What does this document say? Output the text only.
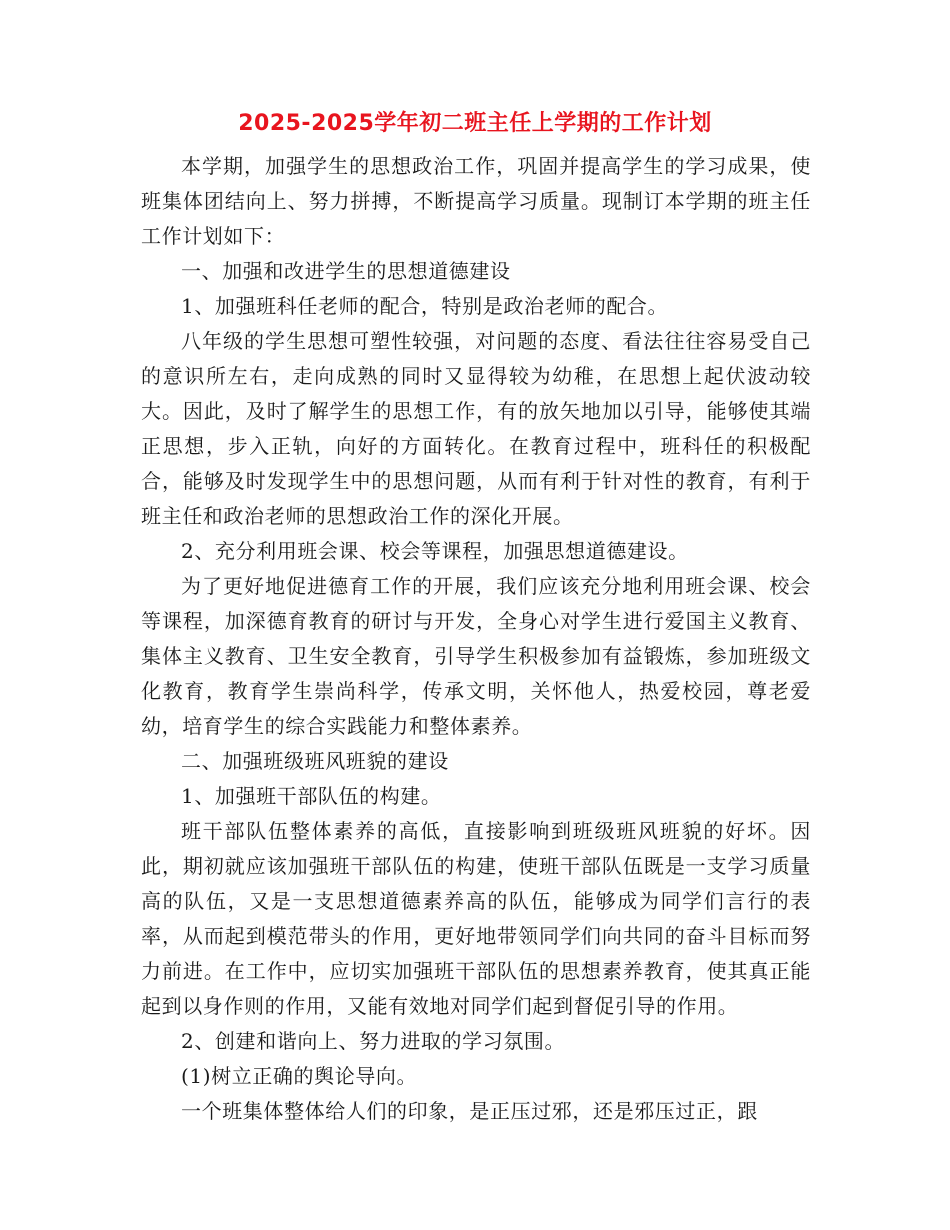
2025-2025学年初二班主任上学期的工作计划

本学期，加强学生的思想政治工作，巩固并提高学生的学习成果，使班集体团结向上、努力拼搏，不断提高学习质量。现制订本学期的班主任工作计划如下：

一、加强和改进学生的思想道德建设

1、加强班科任老师的配合，特别是政治老师的配合。

八年级的学生思想可塑性较强，对问题的态度、看法往往容易受自己的意识所左右，走向成熟的同时又显得较为幼稚，在思想上起伏波动较大。因此，及时了解学生的思想工作，有的放矢地加以引导，能够使其端正思想，步入正轨，向好的方面转化。在教育过程中，班科任的积极配合，能够及时发现学生中的思想问题，从而有利于针对性的教育，有利于班主任和政治老师的思想政治工作的深化开展。

2、充分利用班会课、校会等课程，加强思想道德建设。

为了更好地促进德育工作的开展，我们应该充分地利用班会课、校会等课程，加深德育教育的研讨与开发，全身心对学生进行爱国主义教育、集体主义教育、卫生安全教育，引导学生积极参加有益锻炼，参加班级文化教育，教育学生崇尚科学，传承文明，关怀他人，热爱校园，尊老爱幼，培育学生的综合实践能力和整体素养。

二、加强班级班风班貌的建设

1、加强班干部队伍的构建。

班干部队伍整体素养的高低，直接影响到班级班风班貌的好坏。因此，期初就应该加强班干部队伍的构建，使班干部队伍既是一支学习质量高的队伍，又是一支思想道德素养高的队伍，能够成为同学们言行的表率，从而起到模范带头的作用，更好地带领同学们向共同的奋斗目标而努力前进。在工作中，应切实加强班干部队伍的思想素养教育，使其真正能起到以身作则的作用，又能有效地对同学们起到督促引导的作用。

2、创建和谐向上、努力进取的学习氛围。

(1)树立正确的舆论导向。

一个班集体整体给人们的印象，是正压过邪，还是邪压过正，跟
